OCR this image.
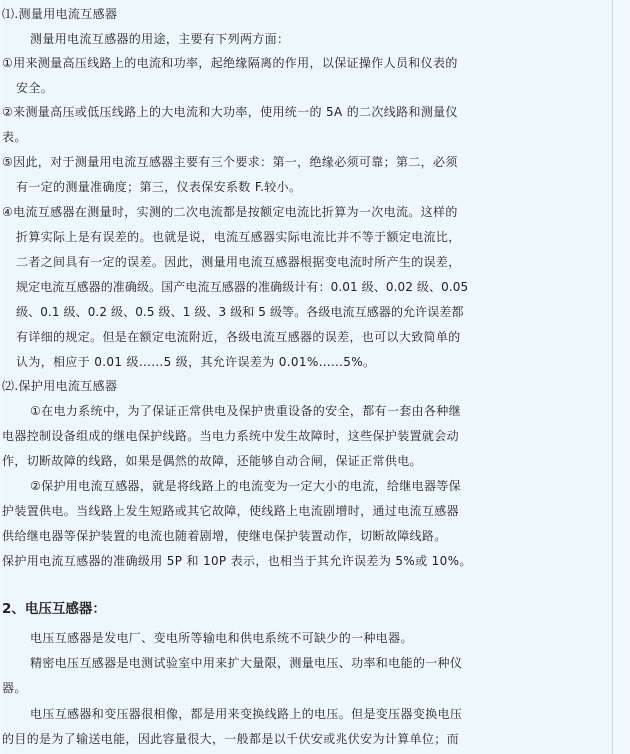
⑴.测量用电流互感器
测量用电流互感器的用途，主要有下列两方面：
①用来测量高压线路上的电流和功率，起绝缘隔离的作用，以保证操作人员和仪表的
安全。
②来测量高压或低压线路上的大电流和大功率，使用统一的 5A 的二次线路和测量仪
表。
⑤因此，对于测量用电流互感器主要有三个要求：第一，绝缘必须可靠；第二，必须
有一定的测量准确度；第三，仪表保安系数 F.较小。
④电流互感器在测量时，实测的二次电流都是按额定电流比折算为一次电流。这样的
折算实际上是有误差的。也就是说，电流互感器实际电流比并不等于额定电流比，
二者之间具有一定的误差。因此，测量用电流互感器根据变电流时所产生的误差，
规定电流互感器的准确级。国产电流互感器的准确级计有：0.01 级、0.02 级、0.05
级、0.1 级、0.2 级、0.5 级、1 级、3 级和 5 级等。各级电流互感器的允许误差都
有详细的规定。但是在额定电流附近，各级电流互感器的误差，也可以大致简单的
认为，相应于 0.01 级……5 级，其允许误差为 0.01%……5%。
⑵.保护用电流互感器
①在电力系统中，为了保证正常供电及保护贵重设备的安全，都有一套由各种继
电器控制设备组成的继电保护线路。当电力系统中发生故障时，这些保护装置就会动
作，切断故障的线路，如果是偶然的故障，还能够自动合闸，保证正常供电。
②保护用电流互感器，就是将线路上的电流变为一定大小的电流，给继电器等保
护装置供电。当线路上发生短路或其它故障，使线路上电流剧增时，通过电流互感器
供给继电器等保护装置的电流也随着剧增，使继电保护装置动作，切断故障线路。
保护用电流互感器的准确级用 5P 和 10P 表示，也相当于其允许误差为 5%或 10%。
2、电压互感器：
电压互感器是发电厂、变电所等输电和供电系统不可缺少的一种电器。
精密电压互感器是电测试验室中用来扩大量限，测量电压、功率和电能的一种仪
器。
电压互感器和变压器很相像，都是用来变换线路上的电压。但是变压器变换电压
的目的是为了输送电能，因此容量很大，一般都是以千伏安或兆伏安为计算单位；而
